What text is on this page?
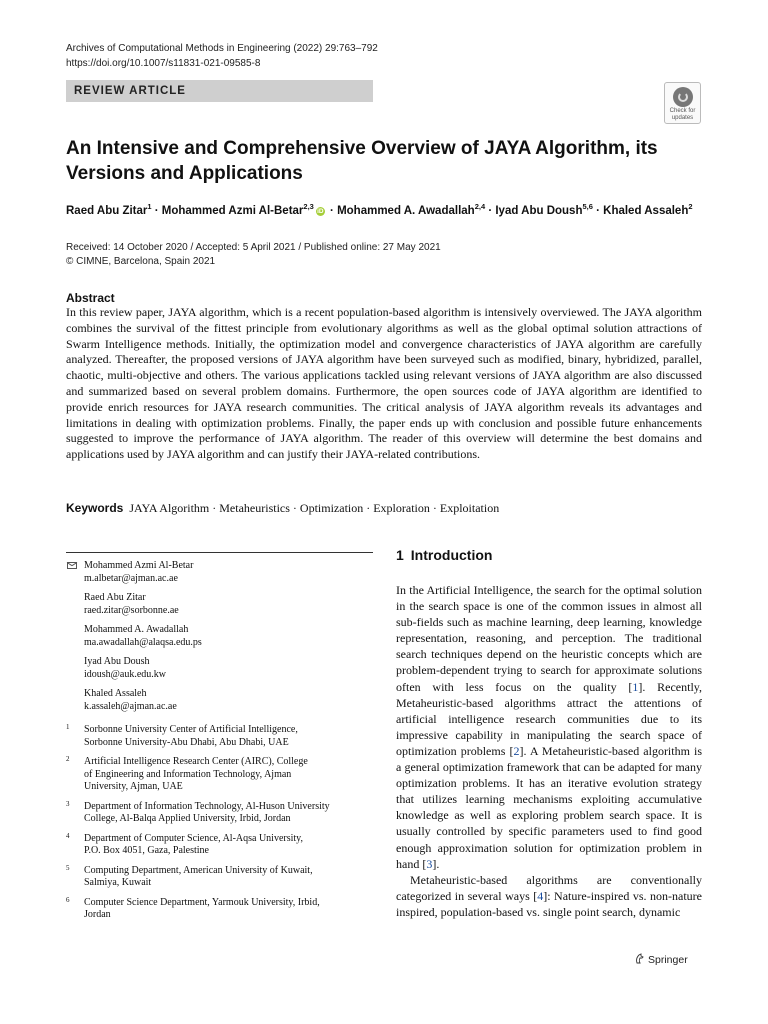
Archives of Computational Methods in Engineering (2022) 29:763–792
https://doi.org/10.1007/s11831-021-09585-8
REVIEW ARTICLE
Check for
updates
An Intensive and Comprehensive Overview of JAYA Algorithm, its Versions and Applications
Raed Abu Zitar$^1$ · Mohammed Azmi Al-Betar$^{2,3}$iD · Mohammed A. Awadallah$^{2,4}$ · Iyad Abu Doush$^{5,6}$ · Khaled Assaleh$^2$
Received: 14 October 2020 / Accepted: 5 April 2021 / Published online: 27 May 2021
© CIMNE, Barcelona, Spain 2021
Abstract

In this review paper, JAYA algorithm, which is a recent population-based algorithm is intensively overviewed. The JAYA algorithm combines the survival of the fittest principle from evolutionary algorithms as well as the global optimal solution attractions of Swarm Intelligence methods. Initially, the optimization model and convergence characteristics of JAYA algorithm are carefully analyzed. Thereafter, the proposed versions of JAYA algorithm have been surveyed such as modified, binary, hybridized, parallel, chaotic, multi-objective and others. The various applications tackled using relevant versions of JAYA algorithm are also discussed and summarized based on several problem domains. Furthermore, the open sources code of JAYA algorithm are identified to provide enrich resources for JAYA research communities. The critical analysis of JAYA algorithm reveals its advantages and limitations in dealing with optimization problems. Finally, the paper ends up with conclusion and possible future enhancements suggested to improve the performance of JAYA algorithm. The reader of this overview will determine the best domains and applications used by JAYA algorithm and can justify their JAYA-related contributions.

Keywords JAYA Algorithm · Metaheuristics · Optimization · Exploration · Exploitation
Mohammed Azmi Al-Betar
m.albetar@ajman.ac.ae
Raed Abu Zitar
raed.zitar@sorbonne.ae
Mohammed A. Awadallah
ma.awadallah@alaqsa.edu.ps
Iyad Abu Doush
idoush@auk.edu.kw
Khaled Assaleh
k.assaleh@ajman.ac.ae
1 Sorbonne University Center of Artificial Intelligence,
Sorbonne University-Abu Dhabi, Abu Dhabi, UAE
2 Artificial Intelligence Research Center (AIRC), College
of Engineering and Information Technology, Ajman
University, Ajman, UAE
3 Department of Information Technology, Al-Huson University
College, Al-Balqa Applied University, Irbid, Jordan
4 Department of Computer Science, Al-Aqsa University,
P.O. Box 4051, Gaza, Palestine
5 Computing Department, American University of Kuwait,
Salmiya, Kuwait
6 Computer Science Department, Yarmouk University, Irbid,
Jordan
1 Introduction

In the Artificial Intelligence, the search for the optimal solution in the search space is one of the common issues in almost all sub-fields such as machine learning, deep learning, knowledge representation, reasoning, and perception. The traditional search techniques depend on the heuristic concepts which are problem-dependent trying to search for approximate solutions often with less focus on the quality [1]. Recently, Metaheuristic-based algorithms attract the attentions of artificial intelligence research communities due to its impressive capability in manipulating the search space of optimization problems [2]. A Metaheuristic-based algorithm is a general optimization framework that can be adapted for many optimization problems. It has an iterative evolution strategy that utilizes learning mechanisms exploiting accumulative knowledge as well as exploring problem search space. It is usually controlled by specific parameters used to find good enough approximation solution for optimization problem in hand [3].

Metaheuristic-based algorithms are conventionally categorized in several ways [4]: Nature-inspired vs. non-nature inspired, population-based vs. single point search, dynamic

Springer
